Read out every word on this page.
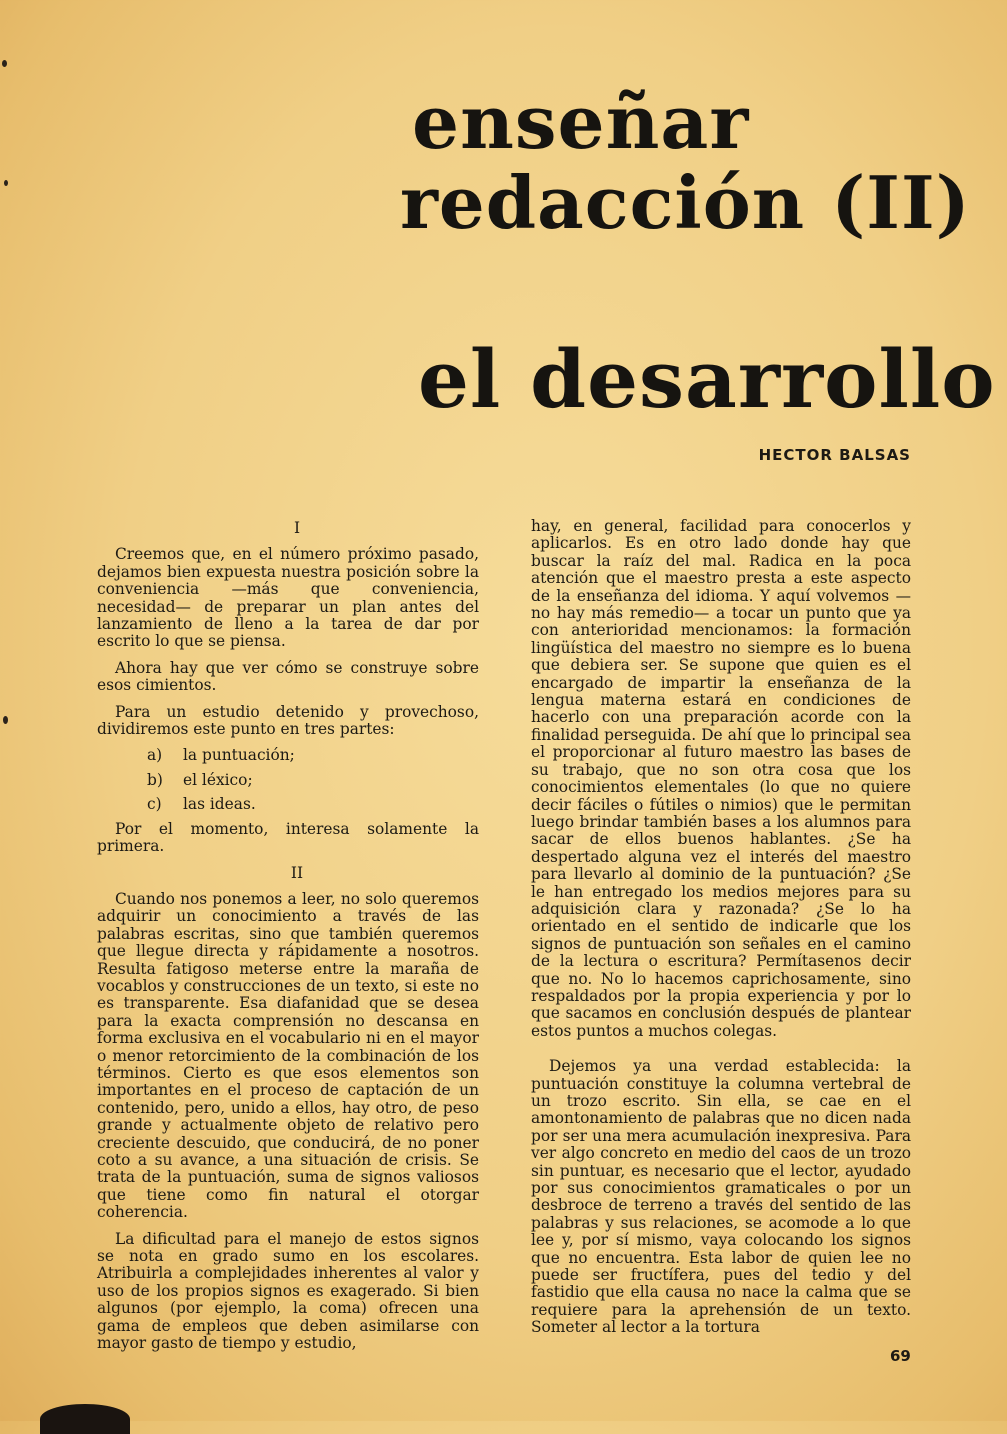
enseñar
redacción (II)
el desarrollo
HECTOR BALSAS

I

Creemos que, en el número próximo pasado, dejamos bien expuesta nuestra posición sobre la conveniencia —más que conveniencia, necesidad— de preparar un plan antes del lanzamiento de lleno a la tarea de dar por escrito lo que se piensa.

Ahora hay que ver cómo se construye sobre esos cimientos.

Para un estudio detenido y provechoso, dividiremos este punto en tres partes:

a) la puntuación;
b) el léxico;
c) las ideas.

Por el momento, interesa solamente la primera.

II

Cuando nos ponemos a leer, no solo queremos adquirir un conocimiento a través de las palabras escritas, sino que también queremos que llegue directa y rápidamente a nosotros. Resulta fatigoso meterse entre la maraña de vocablos y construcciones de un texto, si este no es transparente. Esa diafanidad que se desea para la exacta comprensión no descansa en forma exclusiva en el vocabulario ni en el mayor o menor retorcimiento de la combinación de los términos. Cierto es que esos elementos son importantes en el proceso de captación de un contenido, pero, unido a ellos, hay otro, de peso grande y actualmente objeto de relativo pero creciente descuido, que conducirá, de no poner coto a su avance, a una situación de crisis. Se trata de la puntuación, suma de signos valiosos que tiene como fin natural el otorgar coherencia.

La dificultad para el manejo de estos signos se nota en grado sumo en los escolares. Atribuirla a complejidades inherentes al valor y uso de los propios signos es exagerado. Si bien algunos (por ejemplo, la coma) ofrecen una gama de empleos que deben asimilarse con mayor gasto de tiempo y estudio,

hay, en general, facilidad para conocerlos y aplicarlos. Es en otro lado donde hay que buscar la raíz del mal. Radica en la poca atención que el maestro presta a este aspecto de la enseñanza del idioma. Y aquí volvemos —no hay más remedio— a tocar un punto que ya con anterioridad mencionamos: la formación lingüística del maestro no siempre es lo buena que debiera ser. Se supone que quien es el encargado de impartir la enseñanza de la lengua materna estará en condiciones de hacerlo con una preparación acorde con la finalidad perseguida. De ahí que lo principal sea el proporcionar al futuro maestro las bases de su trabajo, que no son otra cosa que los conocimientos elementales (lo que no quiere decir fáciles o fútiles o nimios) que le permitan luego brindar también bases a los alumnos para sacar de ellos buenos hablantes. ¿Se ha despertado alguna vez el interés del maestro para llevarlo al dominio de la puntuación? ¿Se le han entregado los medios mejores para su adquisición clara y razonada? ¿Se lo ha orientado en el sentido de indicarle que los signos de puntuación son señales en el camino de la lectura o escritura? Permítasenos decir que no. No lo hacemos caprichosamente, sino respaldados por la propia experiencia y por lo que sacamos en conclusión después de plantear estos puntos a muchos colegas.

Dejemos ya una verdad establecida: la puntuación constituye la columna vertebral de un trozo escrito. Sin ella, se cae en el amontonamiento de palabras que no dicen nada por ser una mera acumulación inexpresiva. Para ver algo concreto en medio del caos de un trozo sin puntuar, es necesario que el lector, ayudado por sus conocimientos gramaticales o por un desbroce de terreno a través del sentido de las palabras y sus relaciones, se acomode a lo que lee y, por sí mismo, vaya colocando los signos que no encuentra. Esta labor de quien lee no puede ser fructífera, pues del tedio y del fastidio que ella causa no nace la calma que se requiere para la aprehensión de un texto. Someter al lector a la tortura

69
